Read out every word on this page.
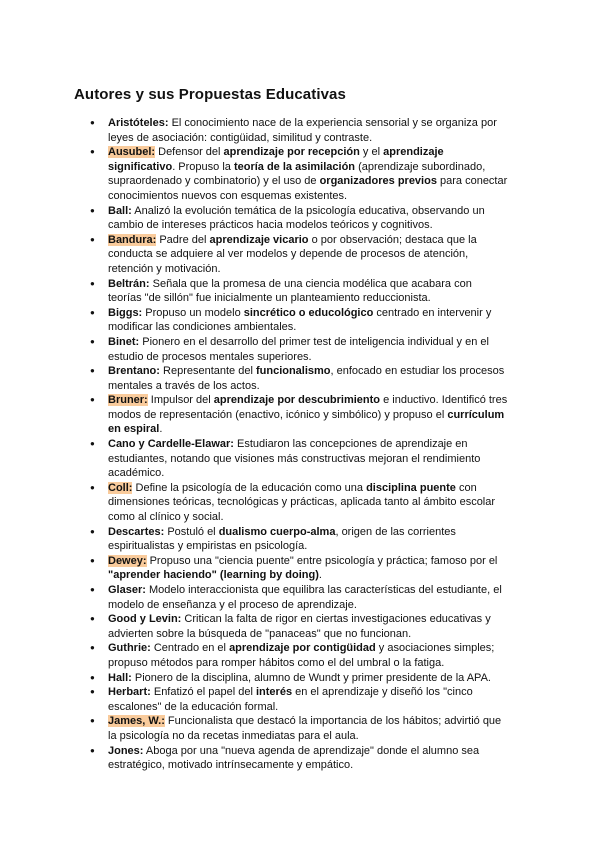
Autores y sus Propuestas Educativas
● Aristóteles: El conocimiento nace de la experiencia sensorial y se organiza por leyes de asociación: contigüidad, similitud y contraste.
● Ausubel: Defensor del aprendizaje por recepción y el aprendizaje significativo. Propuso la teoría de la asimilación (aprendizaje subordinado, supraordenado y combinatorio) y el uso de organizadores previos para conectar conocimientos nuevos con esquemas existentes.
● Ball: Analizó la evolución temática de la psicología educativa, observando un cambio de intereses prácticos hacia modelos teóricos y cognitivos.
● Bandura: Padre del aprendizaje vicario o por observación; destaca que la conducta se adquiere al ver modelos y depende de procesos de atención, retención y motivación.
● Beltrán: Señala que la promesa de una ciencia modélica que acabara con teorías "de sillón" fue inicialmente un planteamiento reduccionista.
● Biggs: Propuso un modelo sincrético o educológico centrado en intervenir y modificar las condiciones ambientales.
● Binet: Pionero en el desarrollo del primer test de inteligencia individual y en el estudio de procesos mentales superiores.
● Brentano: Representante del funcionalismo, enfocado en estudiar los procesos mentales a través de los actos.
● Bruner: Impulsor del aprendizaje por descubrimiento e inductivo. Identificó tres modos de representación (enactivo, icónico y simbólico) y propuso el currículum en espiral.
● Cano y Cardelle-Elawar: Estudiaron las concepciones de aprendizaje en estudiantes, notando que visiones más constructivas mejoran el rendimiento académico.
● Coll: Define la psicología de la educación como una disciplina puente con dimensiones teóricas, tecnológicas y prácticas, aplicada tanto al ámbito escolar como al clínico y social.
● Descartes: Postuló el dualismo cuerpo-alma, origen de las corrientes espiritualistas y empiristas en psicología.
● Dewey: Propuso una "ciencia puente" entre psicología y práctica; famoso por el "aprender haciendo" (learning by doing).
● Glaser: Modelo interaccionista que equilibra las características del estudiante, el modelo de enseñanza y el proceso de aprendizaje.
● Good y Levin: Critican la falta de rigor en ciertas investigaciones educativas y advierten sobre la búsqueda de "panaceas" que no funcionan.
● Guthrie: Centrado en el aprendizaje por contigüidad y asociaciones simples; propuso métodos para romper hábitos como el del umbral o la fatiga.
● Hall: Pionero de la disciplina, alumno de Wundt y primer presidente de la APA.
● Herbart: Enfatizó el papel del interés en el aprendizaje y diseñó los "cinco escalones" de la educación formal.
● James, W.: Funcionalista que destacó la importancia de los hábitos; advirtió que la psicología no da recetas inmediatas para el aula.
● Jones: Aboga por una "nueva agenda de aprendizaje" donde el alumno sea estratégico, motivado intrínsecamente y empático.
